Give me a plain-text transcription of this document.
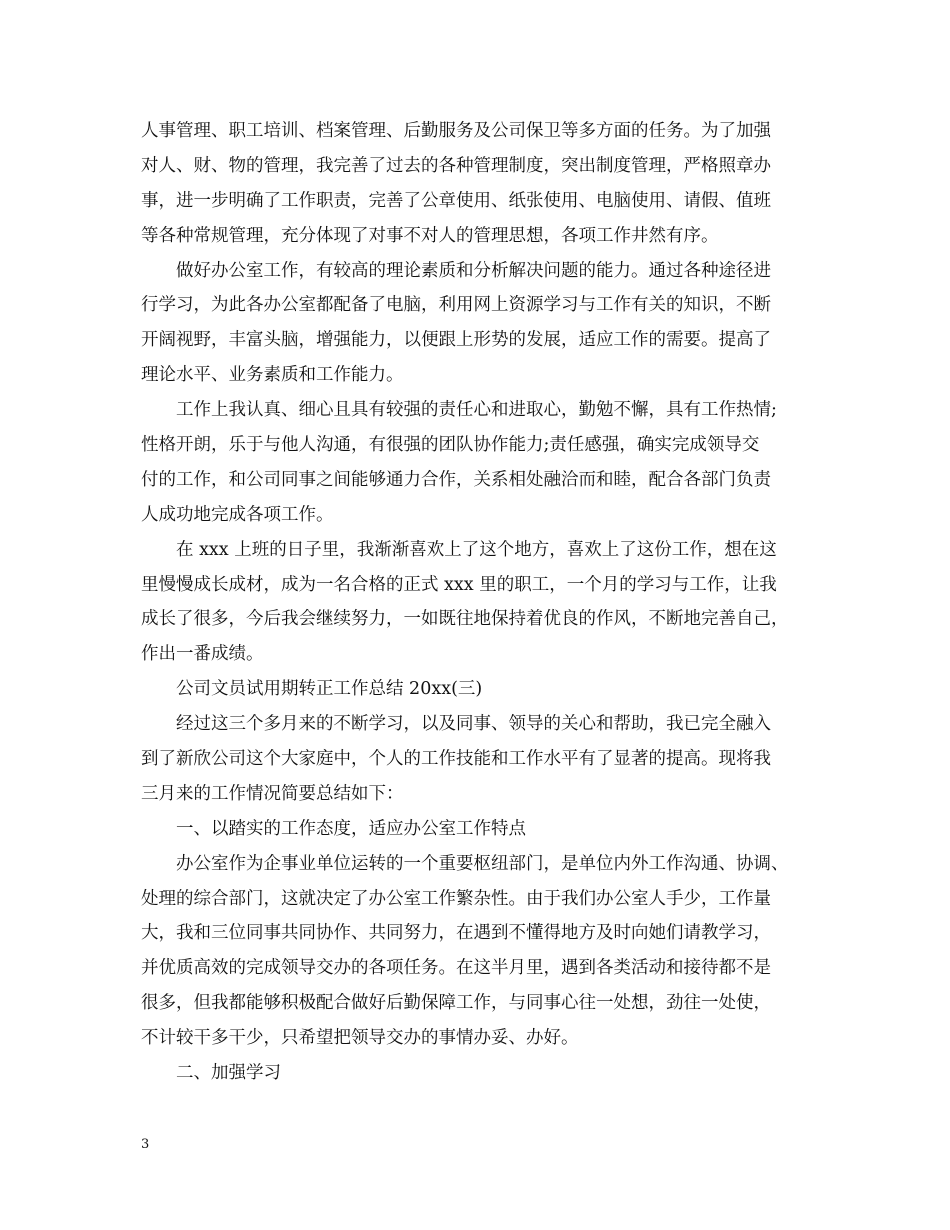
人事管理、职工培训、档案管理、后勤服务及公司保卫等多方面的任务。为了加强
对人、财、物的管理，我完善了过去的各种管理制度，突出制度管理，严格照章办
事，进一步明确了工作职责，完善了公章使用、纸张使用、电脑使用、请假、值班
等各种常规管理，充分体现了对事不对人的管理思想，各项工作井然有序。
做好办公室工作，有较高的理论素质和分析解决问题的能力。通过各种途径进
行学习，为此各办公室都配备了电脑，利用网上资源学习与工作有关的知识，不断
开阔视野，丰富头脑，增强能力，以便跟上形势的发展，适应工作的需要。提高了
理论水平、业务素质和工作能力。
工作上我认真、细心且具有较强的责任心和进取心，勤勉不懈，具有工作热情;
性格开朗，乐于与他人沟通，有很强的团队协作能力;责任感强，确实完成领导交
付的工作，和公司同事之间能够通力合作，关系相处融洽而和睦，配合各部门负责
人成功地完成各项工作。
在 xxx 上班的日子里，我渐渐喜欢上了这个地方，喜欢上了这份工作，想在这
里慢慢成长成材，成为一名合格的正式 xxx 里的职工，一个月的学习与工作，让我
成长了很多，今后我会继续努力，一如既往地保持着优良的作风，不断地完善自己，
作出一番成绩。
公司文员试用期转正工作总结 20xx(三)
经过这三个多月来的不断学习，以及同事、领导的关心和帮助，我已完全融入
到了新欣公司这个大家庭中，个人的工作技能和工作水平有了显著的提高。现将我
三月来的工作情况简要总结如下：
一、以踏实的工作态度，适应办公室工作特点
办公室作为企事业单位运转的一个重要枢纽部门，是单位内外工作沟通、协调、
处理的综合部门，这就决定了办公室工作繁杂性。由于我们办公室人手少，工作量
大，我和三位同事共同协作、共同努力，在遇到不懂得地方及时向她们请教学习，
并优质高效的完成领导交办的各项任务。在这半月里，遇到各类活动和接待都不是
很多，但我都能够积极配合做好后勤保障工作，与同事心往一处想，劲往一处使，
不计较干多干少，只希望把领导交办的事情办妥、办好。
二、加强学习
3
